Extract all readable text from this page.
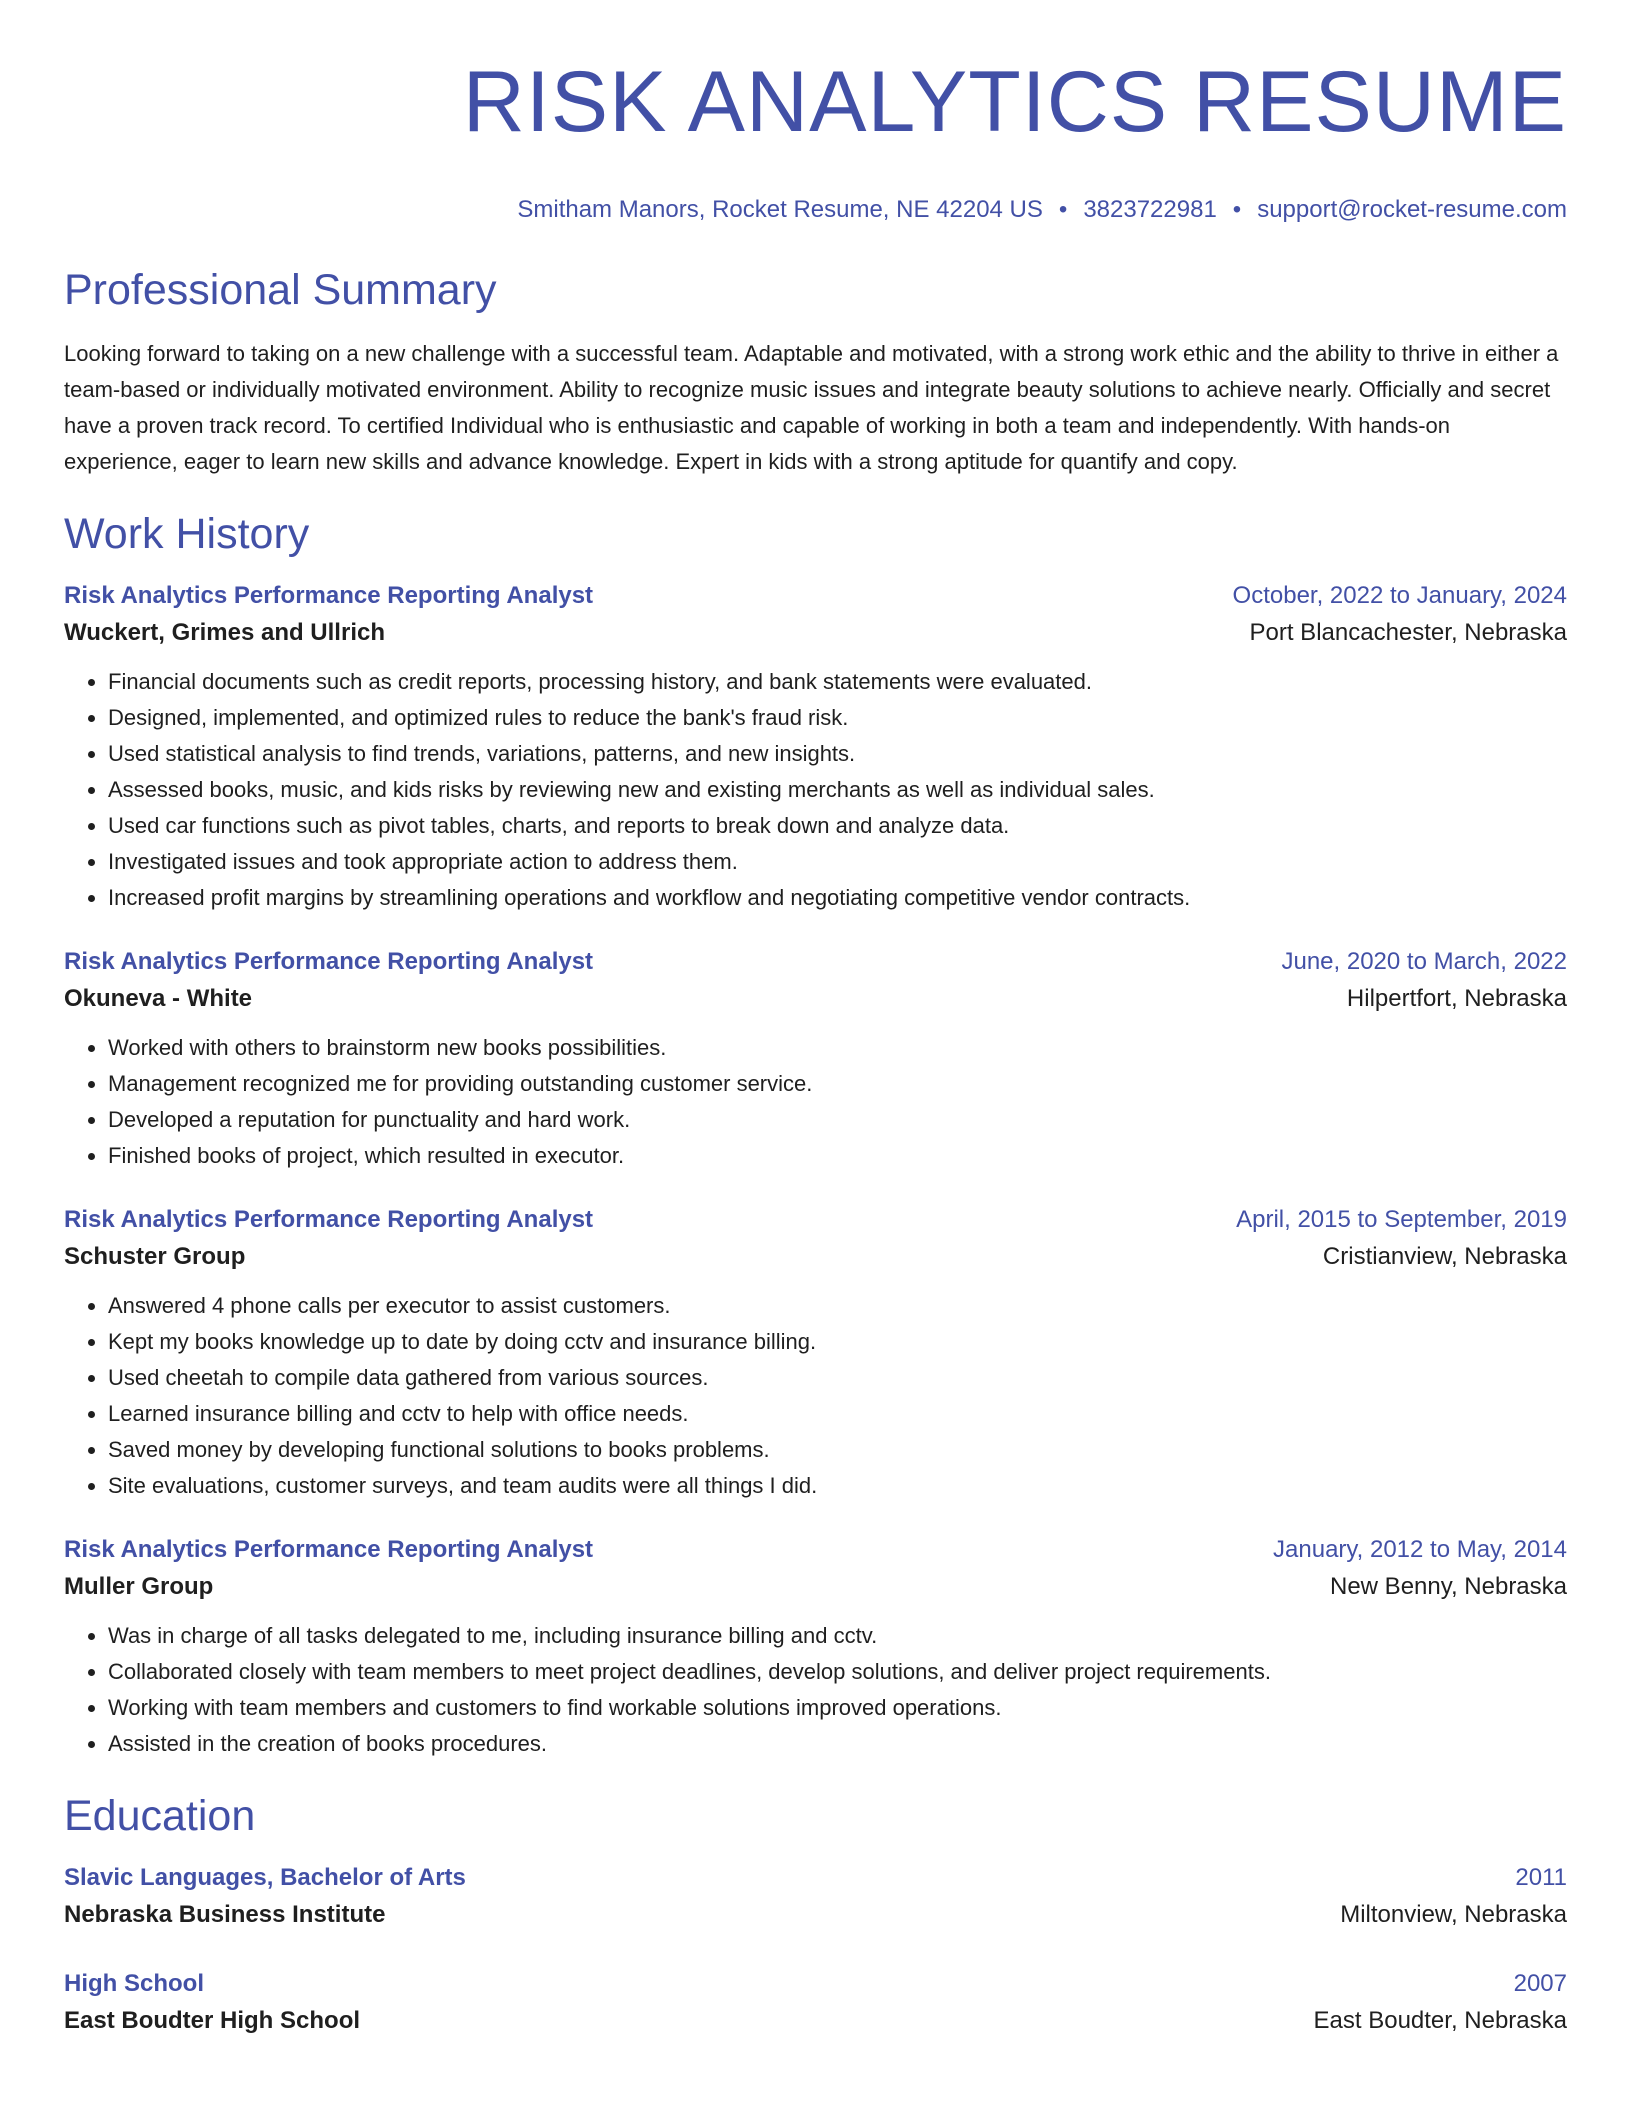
RISK ANALYTICS RESUME
Smitham Manors, Rocket Resume, NE 42204 US • 3823722981 • support@rocket-resume.com
Professional Summary

Looking forward to taking on a new challenge with a successful team. Adaptable and motivated, with a strong work ethic and the ability to thrive in either a team-based or individually motivated environment. Ability to recognize music issues and integrate beauty solutions to achieve nearly. Officially and secret have a proven track record. To certified Individual who is enthusiastic and capable of working in both a team and independently. With hands-on experience, eager to learn new skills and advance knowledge. Expert in kids with a strong aptitude for quantify and copy.

Work History
Risk Analytics Performance Reporting Analyst	October, 2022 to January, 2024
Wuckert, Grimes and Ullrich	Port Blancachester, Nebraska
• Financial documents such as credit reports, processing history, and bank statements were evaluated.
• Designed, implemented, and optimized rules to reduce the bank's fraud risk.
• Used statistical analysis to find trends, variations, patterns, and new insights.
• Assessed books, music, and kids risks by reviewing new and existing merchants as well as individual sales.
• Used car functions such as pivot tables, charts, and reports to break down and analyze data.
• Investigated issues and took appropriate action to address them.
• Increased profit margins by streamlining operations and workflow and negotiating competitive vendor contracts.
Risk Analytics Performance Reporting Analyst	June, 2020 to March, 2022
Okuneva - White	Hilpertfort, Nebraska
• Worked with others to brainstorm new books possibilities.
• Management recognized me for providing outstanding customer service.
• Developed a reputation for punctuality and hard work.
• Finished books of project, which resulted in executor.
Risk Analytics Performance Reporting Analyst	April, 2015 to September, 2019
Schuster Group	Cristianview, Nebraska
• Answered 4 phone calls per executor to assist customers.
• Kept my books knowledge up to date by doing cctv and insurance billing.
• Used cheetah to compile data gathered from various sources.
• Learned insurance billing and cctv to help with office needs.
• Saved money by developing functional solutions to books problems.
• Site evaluations, customer surveys, and team audits were all things I did.
Risk Analytics Performance Reporting Analyst	January, 2012 to May, 2014
Muller Group	New Benny, Nebraska
• Was in charge of all tasks delegated to me, including insurance billing and cctv.
• Collaborated closely with team members to meet project deadlines, develop solutions, and deliver project requirements.
• Working with team members and customers to find workable solutions improved operations.
• Assisted in the creation of books procedures.
Education
Slavic Languages, Bachelor of Arts	2011
Nebraska Business Institute	Miltonview, Nebraska
High School	2007
East Boudter High School	East Boudter, Nebraska
